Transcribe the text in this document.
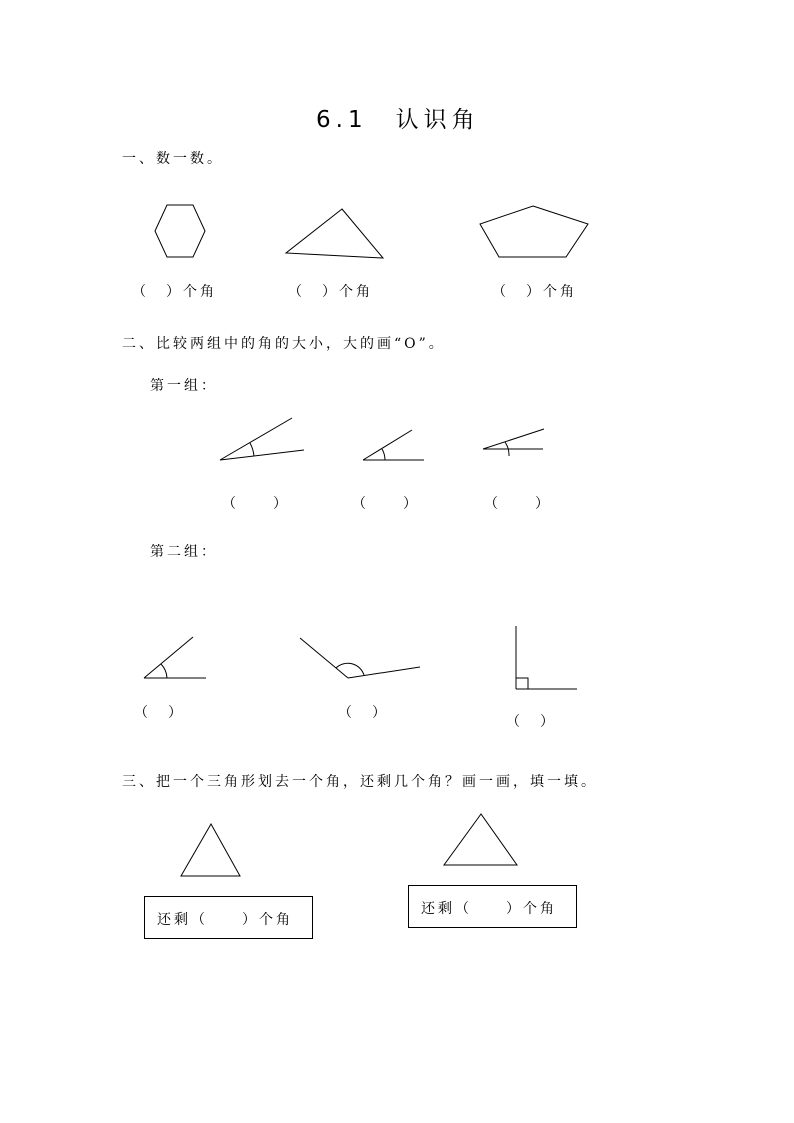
6.1　认识角
一、数一数。
（　）个角	（　）个角	（　）个角
二、比较两组中的角的大小，大的画“O”。
第一组：
（　　）	（　　）	（　　）
第二组：
（　）	（　）
（　）
三、把一个三角形划去一个角，还剩几个角？画一画，填一填。
还剩（　　）个角
还剩（　　）个角
